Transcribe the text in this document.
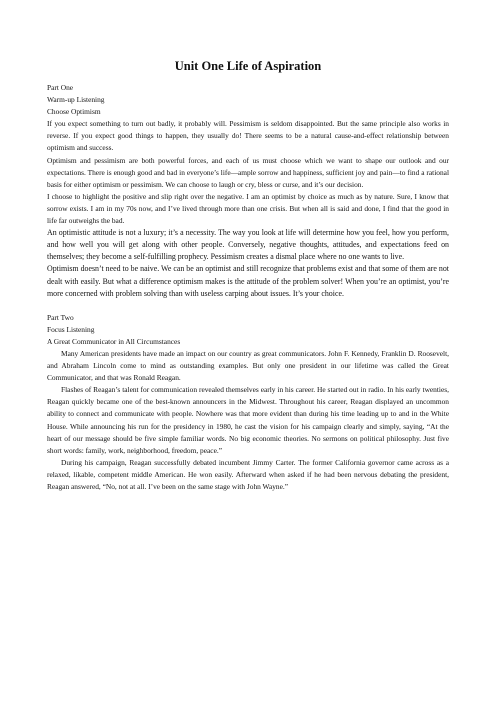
Unit One Life of Aspiration
Part One
Warm-up Listening
Choose Optimism

If you expect something to turn out badly, it probably will. Pessimism is seldom disappointed. But the same principle also works in reverse. If you expect good things to happen, they usually do! There seems to be a natural cause-and-effect relationship between optimism and success.

Optimism and pessimism are both powerful forces, and each of us must choose which we want to shape our outlook and our expectations. There is enough good and bad in everyone’s life—ample sorrow and happiness, sufficient joy and pain—to find a rational basis for either optimism or pessimism. We can choose to laugh or cry, bless or curse, and it’s our decision.

I choose to highlight the positive and slip right over the negative. I am an optimist by choice as much as by nature. Sure, I know that sorrow exists. I am in my 70s now, and I’ve lived through more than one crisis. But when all is said and done, I find that the good in life far outweighs the bad.

An optimistic attitude is not a luxury; it’s a necessity. The way you look at life will determine how you feel, how you perform, and how well you will get along with other people. Conversely, negative thoughts, attitudes, and expectations feed on themselves; they become a self-fulfilling prophecy. Pessimism creates a dismal place where no one wants to live.

Optimism doesn’t need to be naive. We can be an optimist and still recognize that problems exist and that some of them are not dealt with easily. But what a difference optimism makes is the attitude of the problem solver! When you’re an optimist, you’re more concerned with problem solving than with useless carping about issues. It’s your choice.

Part Two
Focus Listening
A Great Communicator in All Circumstances

Many American presidents have made an impact on our country as great communicators. John F. Kennedy, Franklin D. Roosevelt, and Abraham Lincoln come to mind as outstanding examples. But only one president in our lifetime was called the Great Communicator, and that was Ronald Reagan.

Flashes of Reagan’s talent for communication revealed themselves early in his career. He started out in radio. In his early twenties, Reagan quickly became one of the best-known announcers in the Midwest. Throughout his career, Reagan displayed an uncommon ability to connect and communicate with people. Nowhere was that more evident than during his time leading up to and in the White House. While announcing his run for the presidency in 1980, he cast the vision for his campaign clearly and simply, saying, “At the heart of our message should be five simple familiar words. No big economic theories. No sermons on political philosophy. Just five short words: family, work, neighborhood, freedom, peace.”

During his campaign, Reagan successfully debated incumbent Jimmy Carter. The former California governor came across as a relaxed, likable, competent middle American. He won easily. Afterward when asked if he had been nervous debating the president, Reagan answered, “No, not at all. I’ve been on the same stage with John Wayne.”
